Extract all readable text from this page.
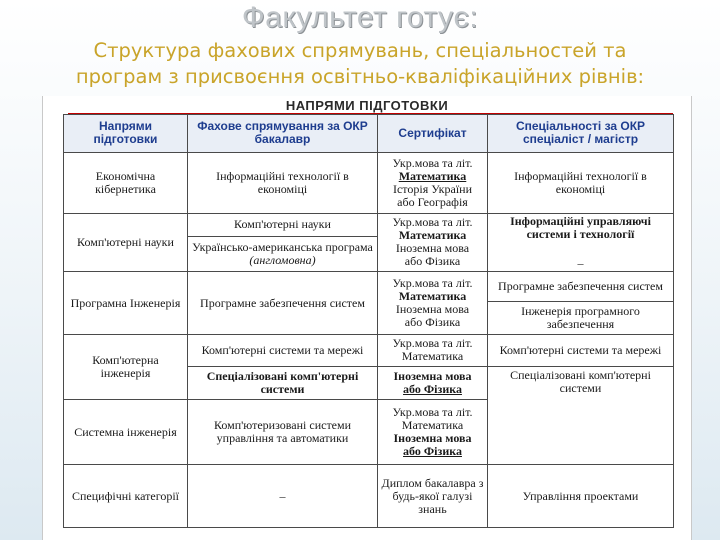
Факультет готує:
Структура фахових спрямувань, спеціальностей та
програм з присвоєння освітньо-кваліфікаційних рівнів:
НАПРЯМИ ПІДГОТОВКИ
Напрями підготовки	Фахове спрямування за ОКР бакалавр	Сертифікат	Спеціальності за ОКР спеціаліст / магістр
Економічна кібернетика	Інформаційні технології в економіці	Укр.мова та літ.
Математика
Історія України
або Географія	Інформаційні технології в економіці
Комп'ютерні науки	Комп'ютерні науки	Укр.мова та літ.
Математика
Іноземна мова
або Фізика	Інформаційні управляючі системи і технології
–

	Українсько-американська програма (англомовна)		
Програмна Інженерія	Програмне забезпечення систем	Укр.мова та літ.
Математика
Іноземна мова
або Фізика	Програмне забезпечення систем
			Інженерія програмного забезпечення
Комп'ютерна інженерія	Комп'ютерні системи та мережі	Укр.мова та літ.
Математика	Комп'ютерні системи та мережі
	Спеціалізовані комп'ютерні системи	Іноземна мова
або Фізика	Спеціалізовані комп'ютерні системи
Системна інженерія	Комп'ютеризовані системи управління та автоматики	Укр.мова та літ.
Математика
Іноземна мова
або Фізика	

Специфічні категорії	–	Диплом бакалавра з будь-якої галузі знань	Управління проектами
